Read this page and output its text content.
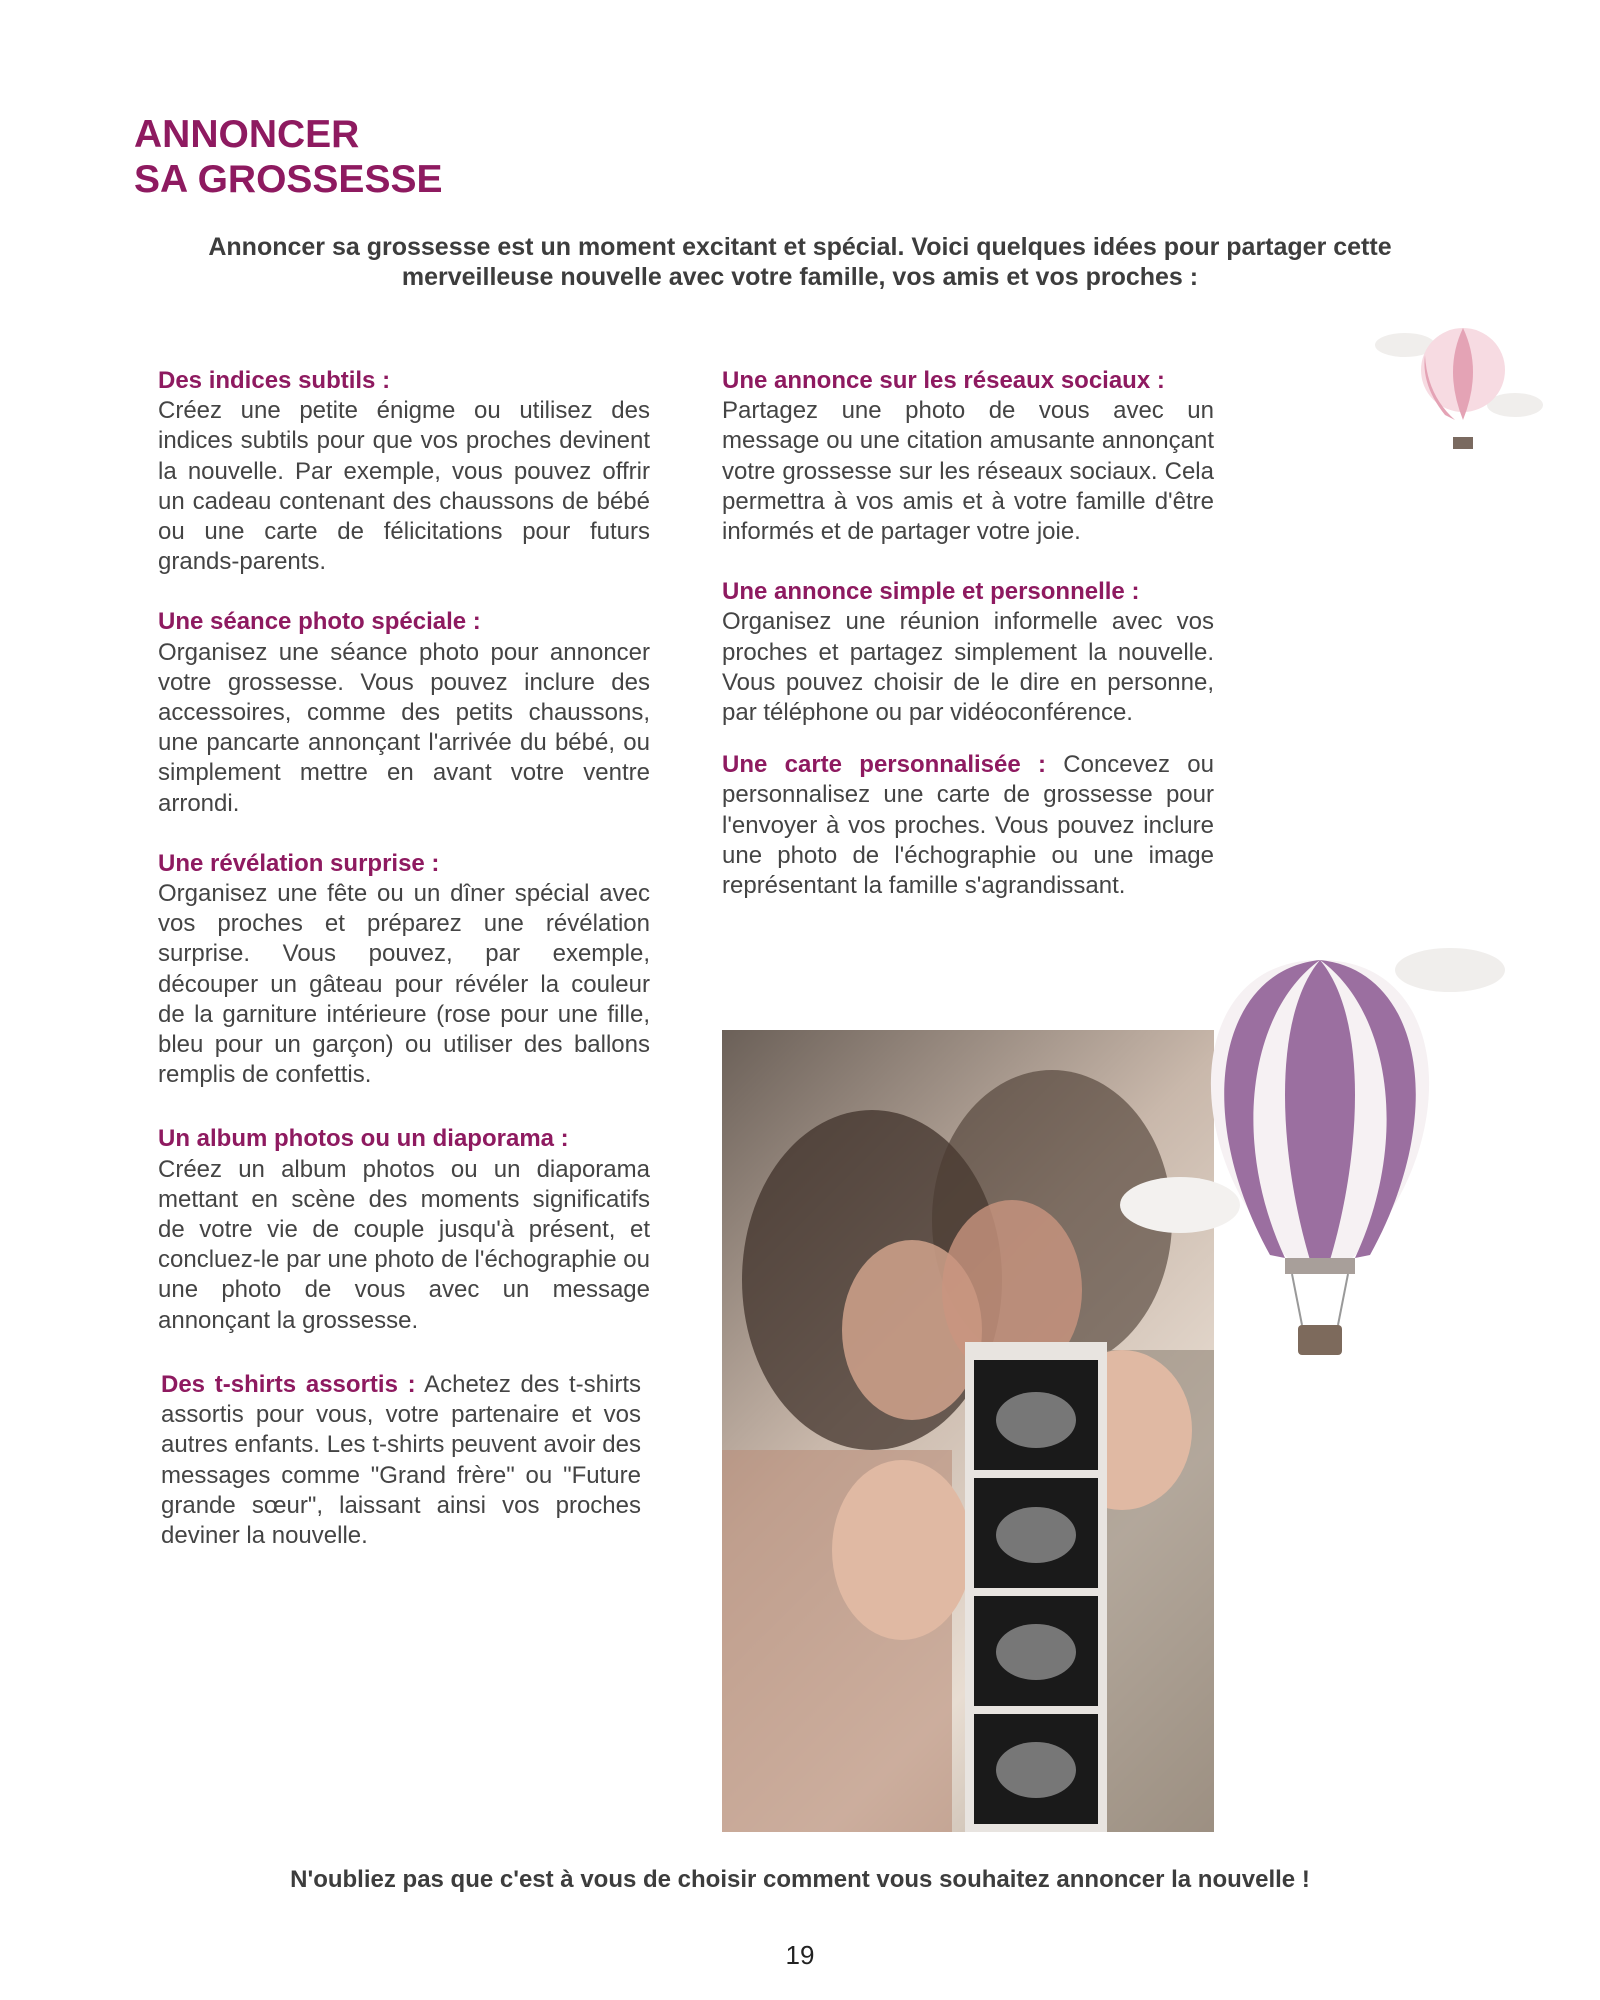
ANNONCER
SA GROSSESSE
Annoncer sa grossesse est un moment excitant et spécial. Voici quelques idées pour partager cette merveilleuse nouvelle avec votre famille, vos amis et vos proches :

Des indices subtils :
Créez une petite énigme ou utilisez des indices subtils pour que vos proches devinent la nouvelle. Par exemple, vous pouvez offrir un cadeau contenant des chaussons de bébé ou une carte de félicitations pour futurs grands-parents.

Une séance photo spéciale :
Organisez une séance photo pour annoncer votre grossesse. Vous pouvez inclure des accessoires, comme des petits chaussons, une pancarte annonçant l'arrivée du bébé, ou simplement mettre en avant votre ventre arrondi.

Une révélation surprise :
Organisez une fête ou un dîner spécial avec vos proches et préparez une révélation surprise. Vous pouvez, par exemple, découper un gâteau pour révéler la couleur de la garniture intérieure (rose pour une fille, bleu pour un garçon) ou utiliser des ballons remplis de confettis.

Un album photos ou un diaporama :
Créez un album photos ou un diaporama mettant en scène des moments significatifs de votre vie de couple jusqu'à présent, et concluez-le par une photo de l'échographie ou une photo de vous avec un message annonçant la grossesse.

Des t-shirts assortis : Achetez des t-shirts assortis pour vous, votre partenaire et vos autres enfants. Les t-shirts peuvent avoir des messages comme "Grand frère" ou "Future grande sœur", laissant ainsi vos proches deviner la nouvelle.

Une annonce sur les réseaux sociaux :
Partagez une photo de vous avec un message ou une citation amusante annonçant votre grossesse sur les réseaux sociaux. Cela permettra à vos amis et à votre famille d'être informés et de partager votre joie.

Une annonce simple et personnelle :
Organisez une réunion informelle avec vos proches et partagez simplement la nouvelle. Vous pouvez choisir de le dire en personne, par téléphone ou par vidéoconférence.

Une carte personnalisée : Concevez ou personnalisez une carte de grossesse pour l'envoyer à vos proches. Vous pouvez inclure une photo de l'échographie ou une image représentant la famille s'agrandissant.

N'oubliez pas que c'est à vous de choisir comment vous souhaitez annoncer la nouvelle !
19
